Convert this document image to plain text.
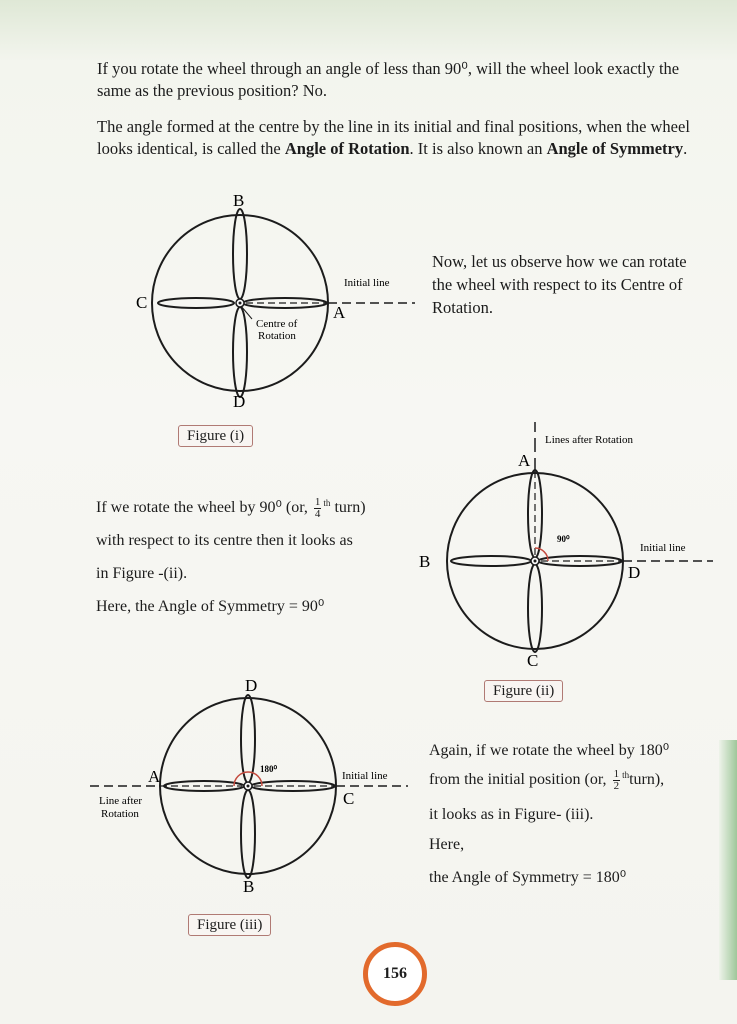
If you rotate the wheel through an angle of less than 90⁰, will the wheel look exactly the same as the previous position? No.

The angle formed at the centre by the line in its initial and final positions, when the wheel looks identical, is called the Angle of Rotation. It is also known an Angle of Symmetry.

Now, let us observe how we can rotate the wheel with respect to its Centre of Rotation.

B
C
A
D
Initial line
Centre of
Rotation
Figure (i)
If we rotate the wheel by 90⁰ (or, $\frac{1}{4} ^{th}$ turn)
with respect to its centre then it looks as
in Figure -(ii).
Here, the Angle of Symmetry = 90⁰
90⁰
A
B
D
C
Lines after Rotation
Initial line
Figure (ii)
180⁰
D
A
C
B
Initial line
Line after
Rotation
Figure (iii)
Again, if we rotate the wheel by 180⁰
from the initial position (or, $\frac{1}{2}$ $^{th}$turn),
it looks as in Figure- (iii).
Here,
the Angle of Symmetry = 180⁰
156
